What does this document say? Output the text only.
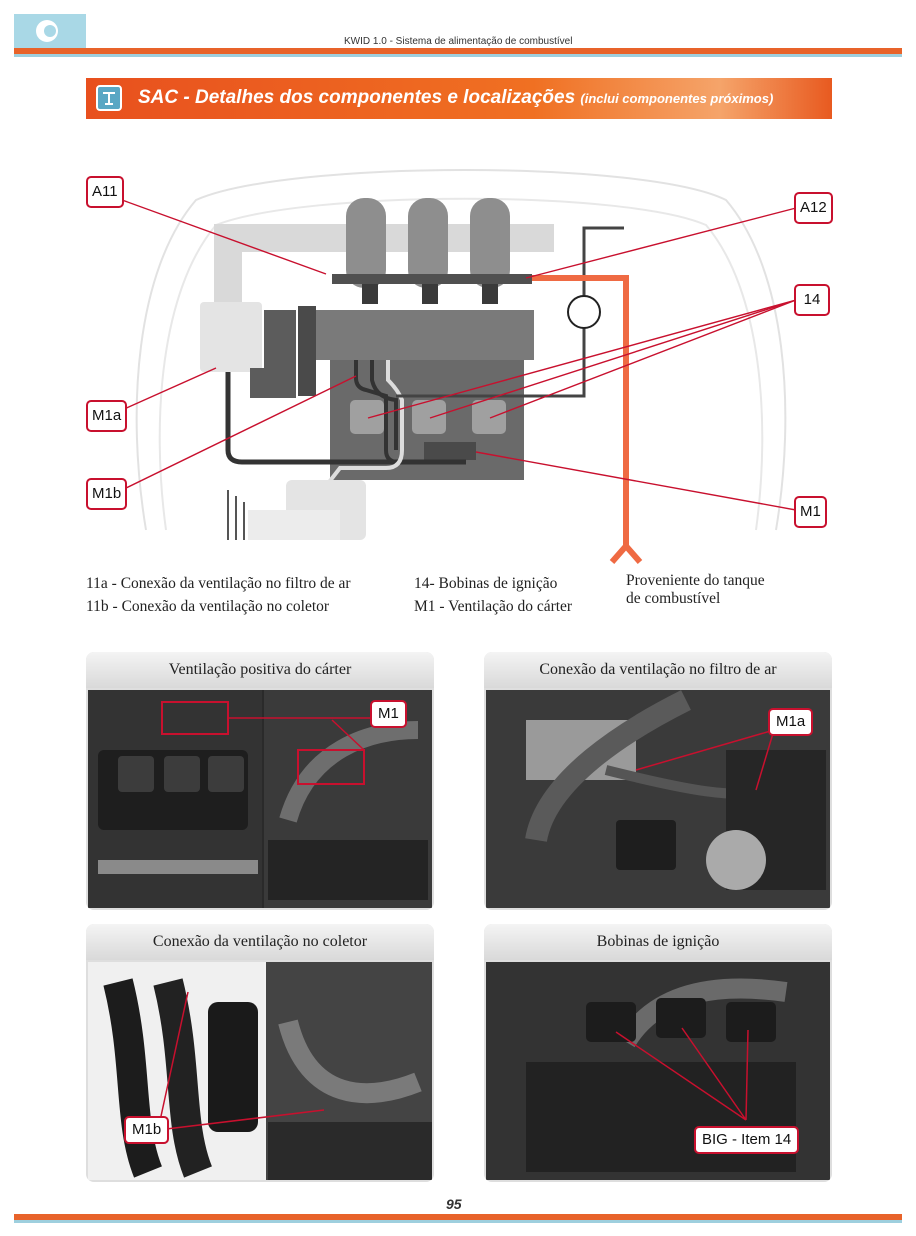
KWID 1.0 - Sistema de alimentação de combustível
SAC - Detalhes dos componentes e localizações (inclui componentes próximos)
A11
A12
14
M1a
M1b
M1
11a - Conexão da ventilação no filtro de ar
11b - Conexão da ventilação no coletor
14- Bobinas de ignição
M1 - Ventilação do cárter
Proveniente do tanque
de combustível
Ventilação positiva do cárter
M1
Conexão da ventilação no filtro de ar
M1a
Conexão da ventilação no coletor
M1b
Bobinas de ignição
BIG - Item 14
95
